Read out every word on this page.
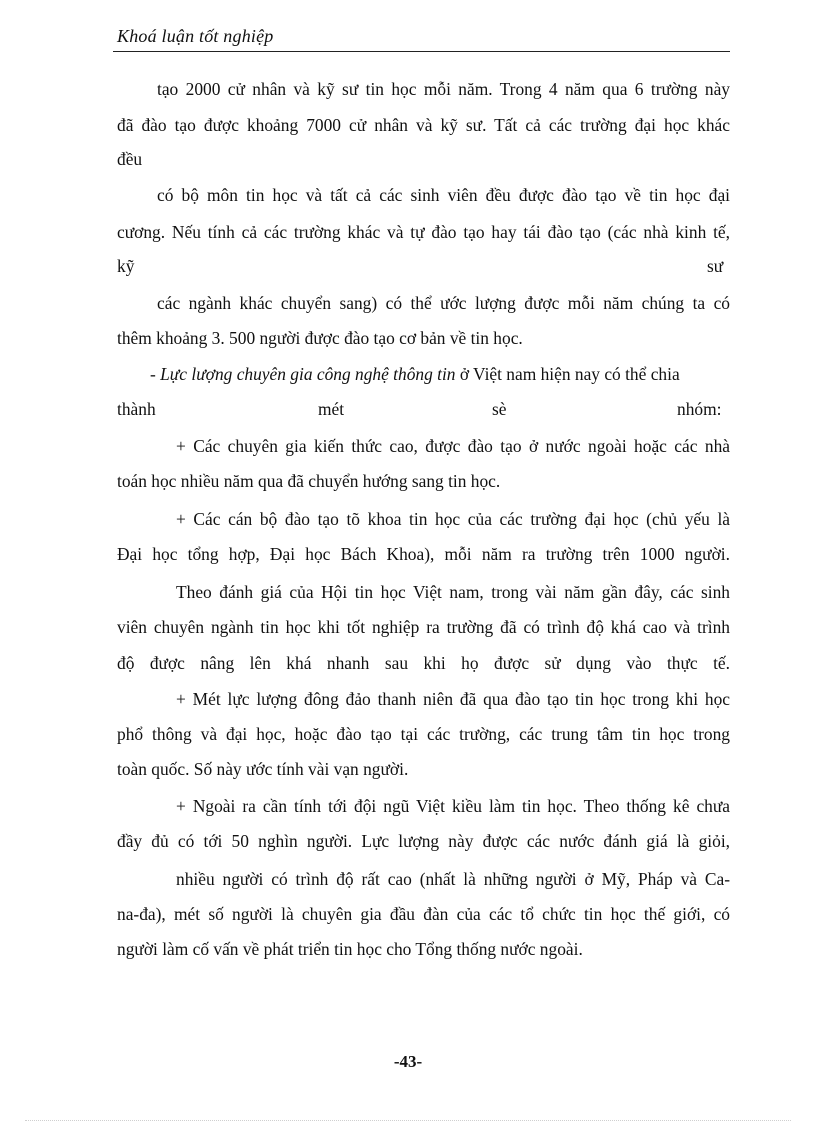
Khoá luận tốt nghiệp
tạo 2000 cử nhân và kỹ sư tin học mỗi năm. Trong 4 năm qua 6 trường này
đã đào tạo được khoảng 7000 cử nhân và kỹ sư. Tất cả các trường đại học khác
đều
có bộ môn tin học và tất cả các sinh viên đều được đào tạo về tin học đại
cương. Nếu tính cả các trường khác và tự đào tạo hay tái đào tạo (các nhà kinh tế,
kỹ	sư
các ngành khác chuyển sang) có thể ước lượng được mỗi năm chúng ta có
thêm khoảng 3. 500 người được đào tạo cơ bản về tin học.
- Lực lượng chuyên gia công nghệ thông tin ở Việt nam hiện nay có thể chia
thành	mét	sè	nhóm:
+ Các chuyên gia kiến thức cao, được đào tạo ở nước ngoài hoặc các nhà
toán học nhiều năm qua đã chuyển hướng sang tin học.
+ Các cán bộ đào tạo tõ khoa tin học của các trường đại học (chủ yếu là
Đại học tổng hợp, Đại học Bách Khoa), mỗi năm ra trường trên 1000 người.
Theo đánh giá của Hội tin học Việt nam, trong vài năm gần đây, các sinh
viên chuyên ngành tin học khi tốt nghiệp ra trường đã có trình độ khá cao và trình
độ được nâng lên khá nhanh sau khi họ được sử dụng vào thực tế.
+ Mét lực lượng đông đảo thanh niên đã qua đào tạo tin học trong khi học
phổ thông và đại học, hoặc đào tạo tại các trường, các trung tâm tin học trong
toàn quốc. Số này ước tính vài vạn người.
+ Ngoài ra cần tính tới đội ngũ Việt kiều làm tin học. Theo thống kê chưa
đầy đủ có tới 50 nghìn người. Lực lượng này được các nước đánh giá là giỏi,
nhiều người có trình độ rất cao (nhất là những người ở Mỹ, Pháp và Ca-
na-đa), mét số người là chuyên gia đầu đàn của các tổ chức tin học thế giới, có
người làm cố vấn về phát triển tin học cho Tổng thống nước ngoài.
-43-
